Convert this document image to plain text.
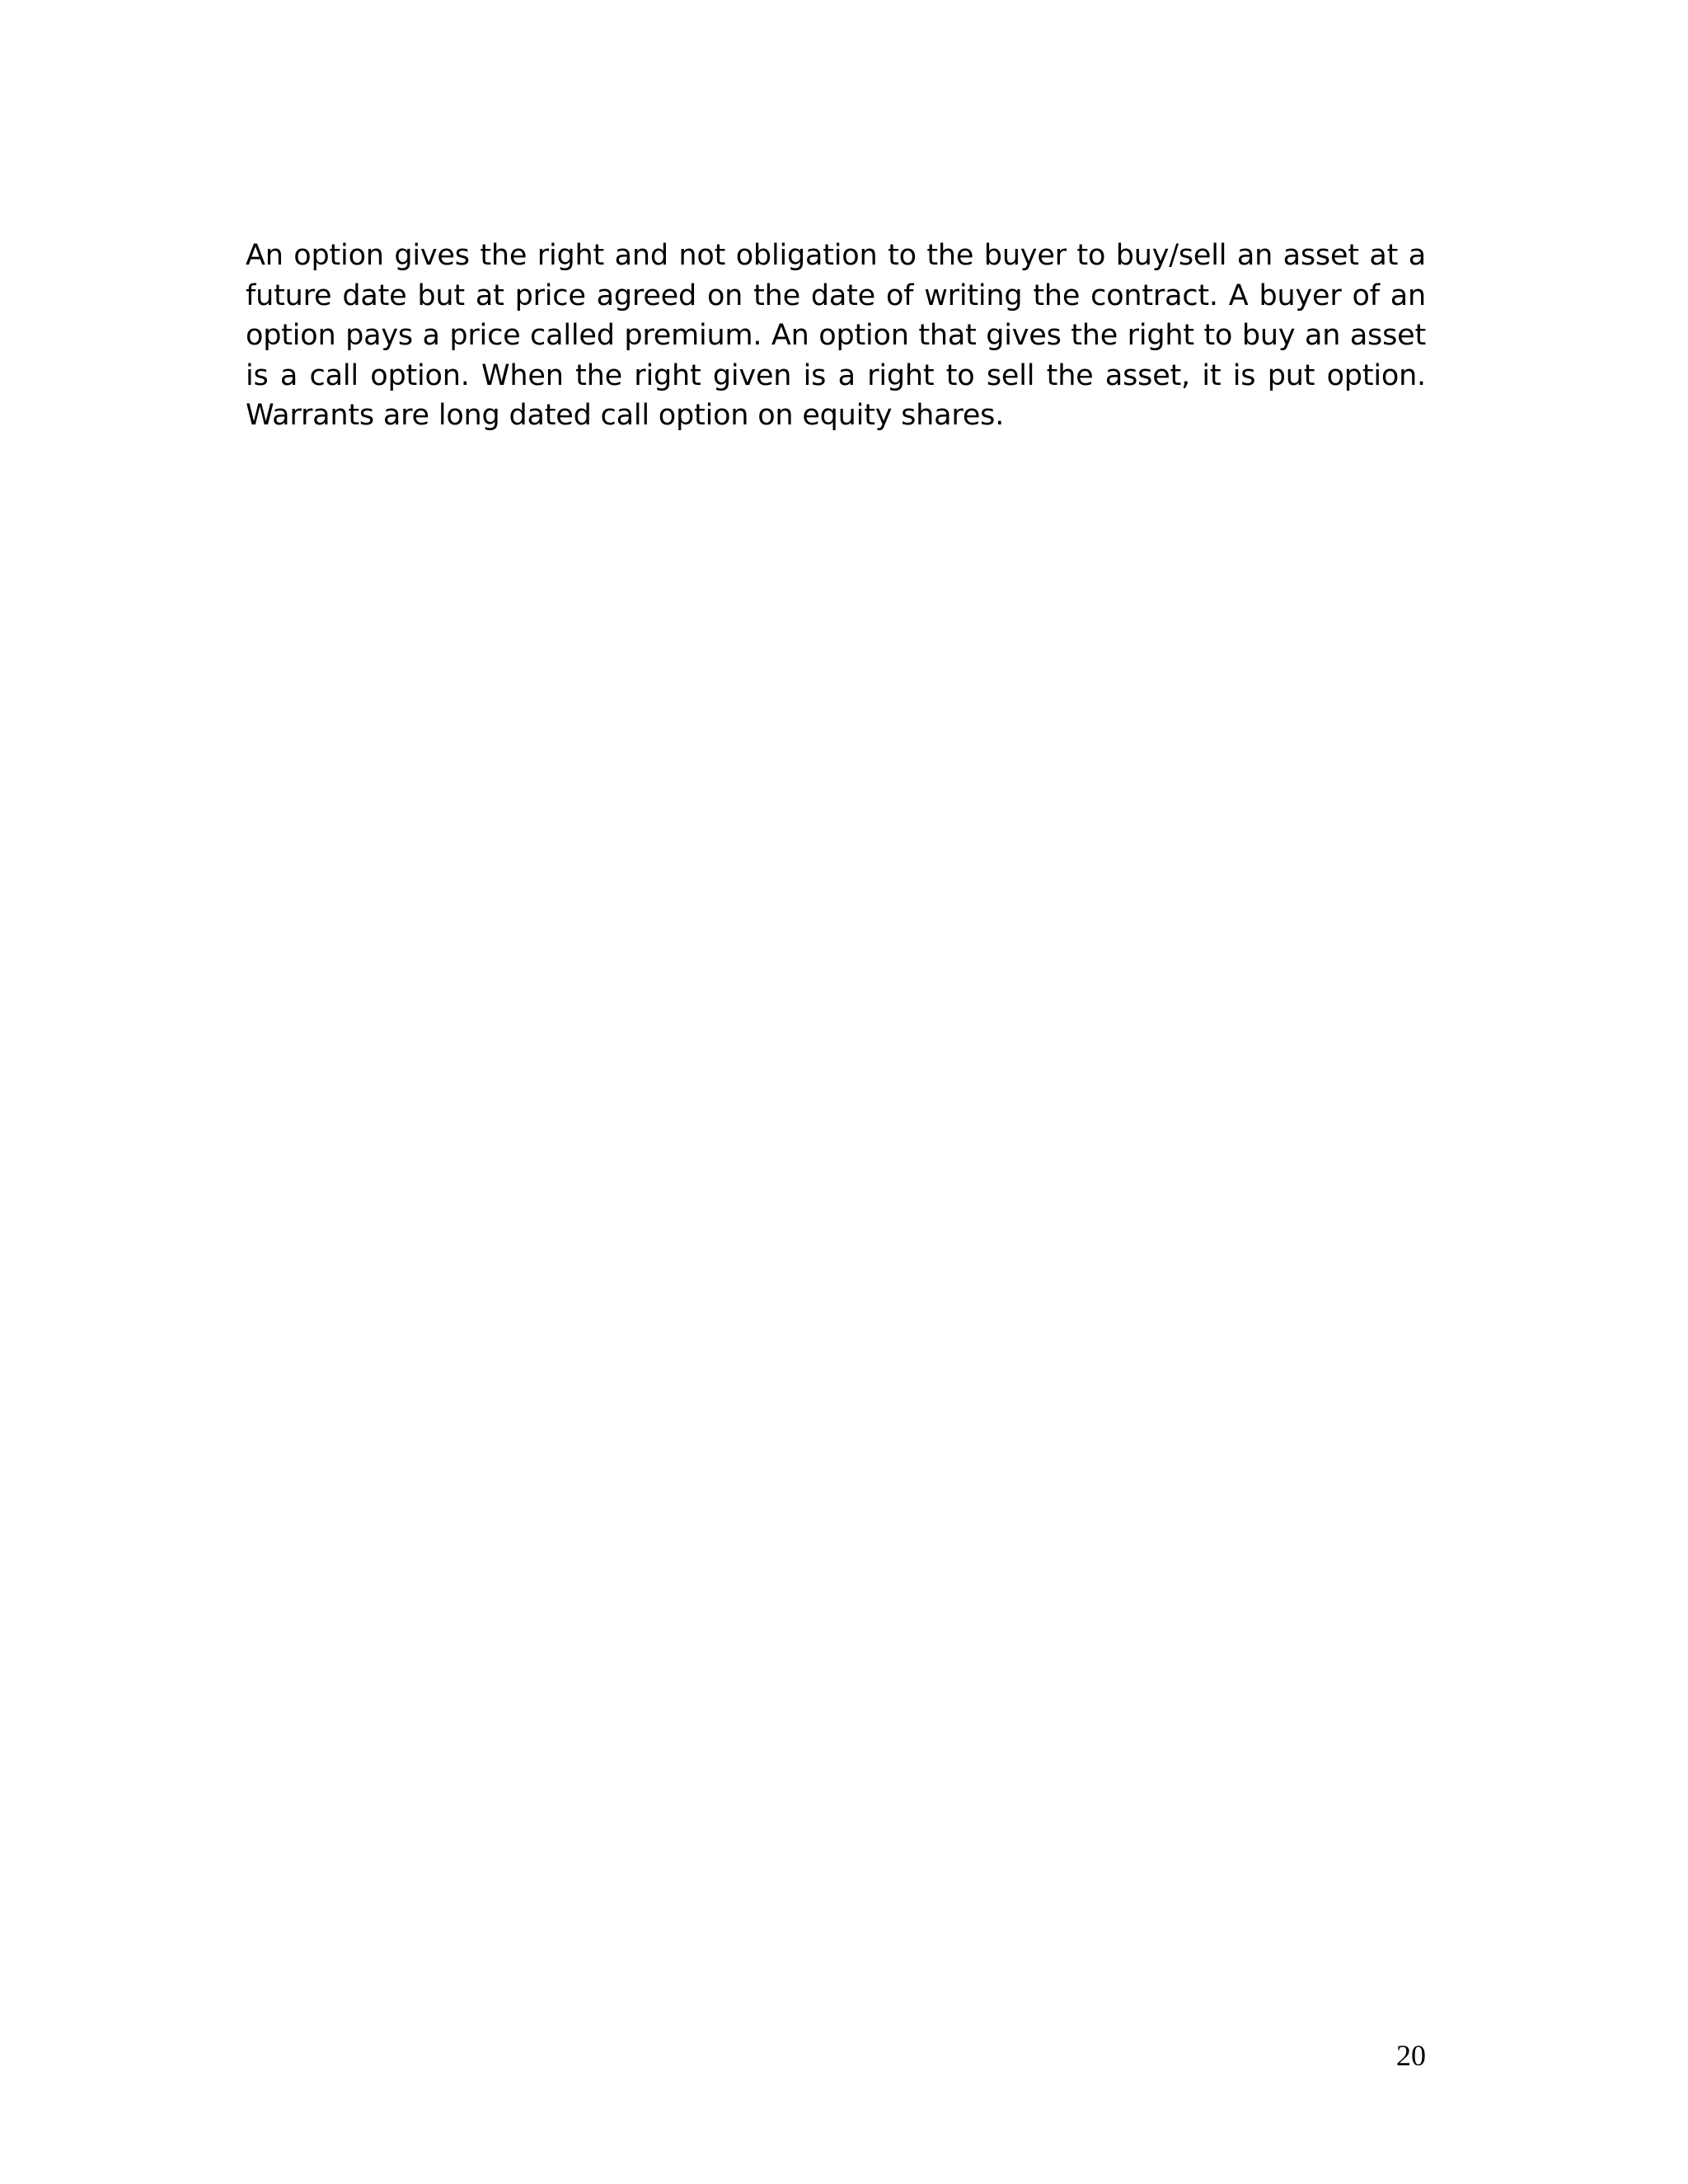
An option gives the right and not obligation to the buyer to buy/sell an asset at a future date but at price agreed on the date of writing the contract. A buyer of an option pays a price called premium. An option that gives the right to buy an asset is a call option. When the right given is a right to sell the asset, it is put option. Warrants are long dated call option on equity shares.

20
